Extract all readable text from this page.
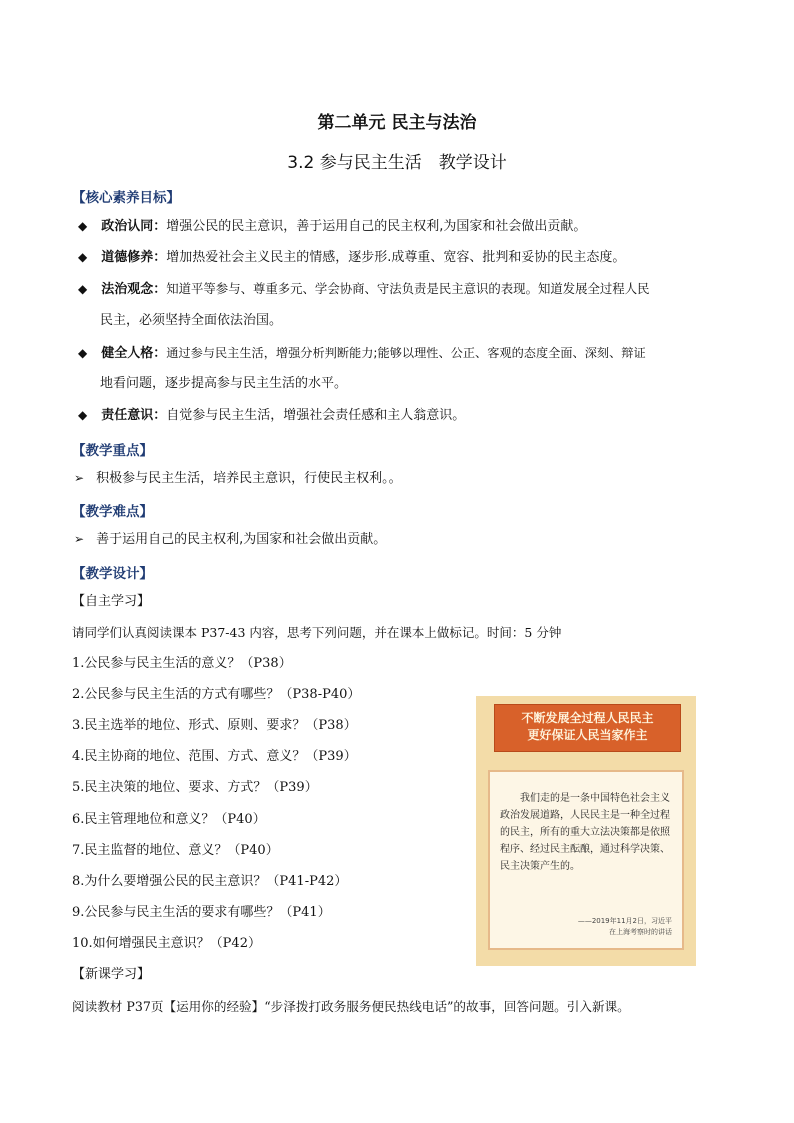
第二单元 民主与法治
3.2 参与民主生活　教学设计
【核心素养目标】
◆ 政治认同：增强公民的民主意识，善于运用自己的民主权利,为国家和社会做出贡献。
◆ 道德修养：增加热爱社会主义民主的情感，逐步形.成尊重、宽容、批判和妥协的民主态度。
◆ 法治观念：知道平等参与、尊重多元、学会协商、守法负责是民主意识的表现。知道发展全过程人民
民主，必须坚持全面依法治国。
◆ 健全人格：通过参与民主生活，增强分析判断能力;能够以理性、公正、客观的态度全面、深刻、辩证
地看问题，逐步提高参与民主生活的水平。
◆ 责任意识：自觉参与民主生活，增强社会责任感和主人翁意识。
【教学重点】
➢ 积极参与民主生活，培养民主意识，行使民主权利。。
【教学难点】
➢ 善于运用自己的民主权利,为国家和社会做出贡献。
【教学设计】
【自主学习】
请同学们认真阅读课本 P37-43 内容，思考下列问题，并在课本上做标记。时间：5 分钟
1.公民参与民主生活的意义？（P38）
2.公民参与民主生活的方式有哪些？（P38-P40）
3.民主选举的地位、形式、原则、要求？（P38）
4.民主协商的地位、范围、方式、意义？（P39）
5.民主决策的地位、要求、方式？（P39）
6.民主管理地位和意义？（P40）
7.民主监督的地位、意义？（P40）
8.为什么要增强公民的民主意识？（P41-P42）
9.公民参与民主生活的要求有哪些？（P41）
10.如何增强民主意识？（P42）
【新课学习】
阅读教材 P37页【运用你的经验】“步泽拨打政务服务便民热线电话”的故事，回答问题。引入新课。
不断发展全过程人民民主
更好保证人民当家作主
我们走的是一条中国特色社会主义政治发展道路，人民民主是一种全过程的民主，所有的重大立法决策都是依照程序、经过民主酝酿，通过科学决策、民主决策产生的。
——2019年11月2日，习近平
在上海考察时的讲话
